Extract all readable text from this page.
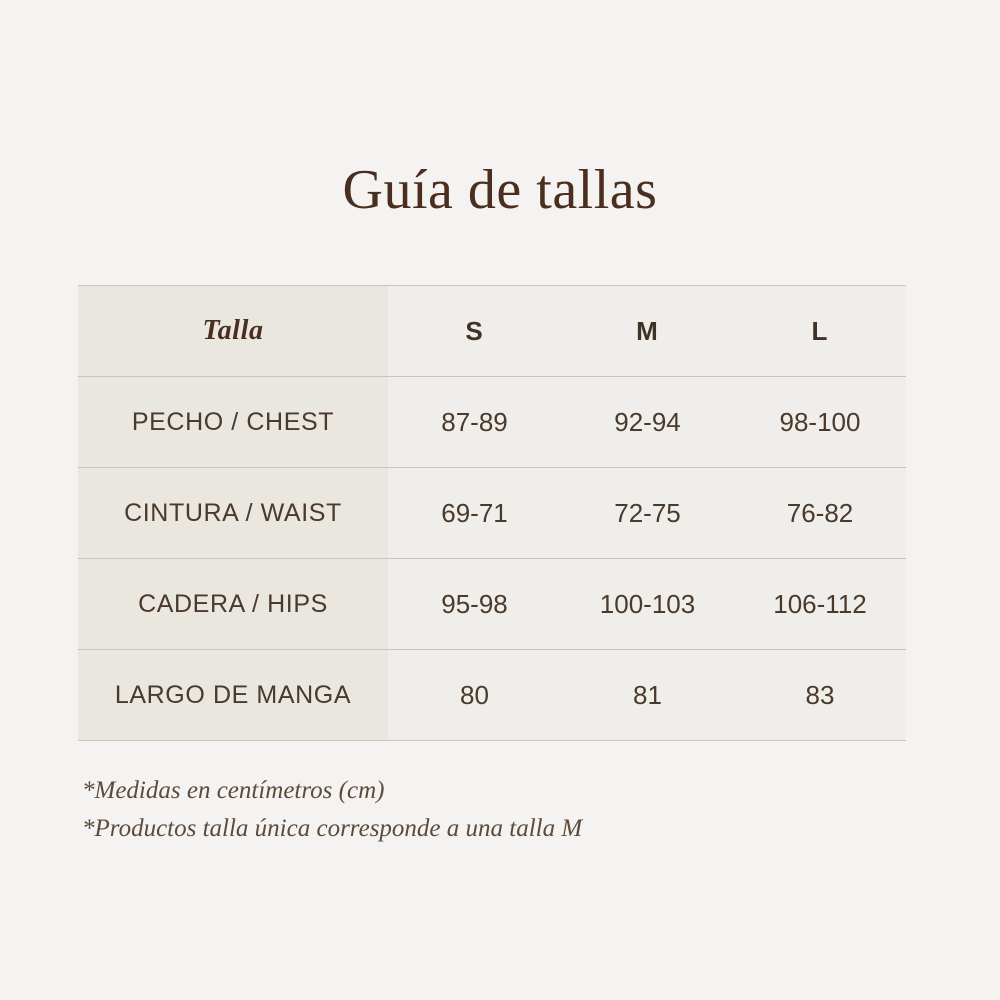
Guía de tallas
Talla	S	M	L
PECHO / CHEST	87-89	92-94	98-100
CINTURA / WAIST	69-71	72-75	76-82
CADERA / HIPS	95-98	100-103	106-112
LARGO DE MANGA	80	81	83
*Medidas en centímetros (cm)
*Productos talla única corresponde a una talla M
